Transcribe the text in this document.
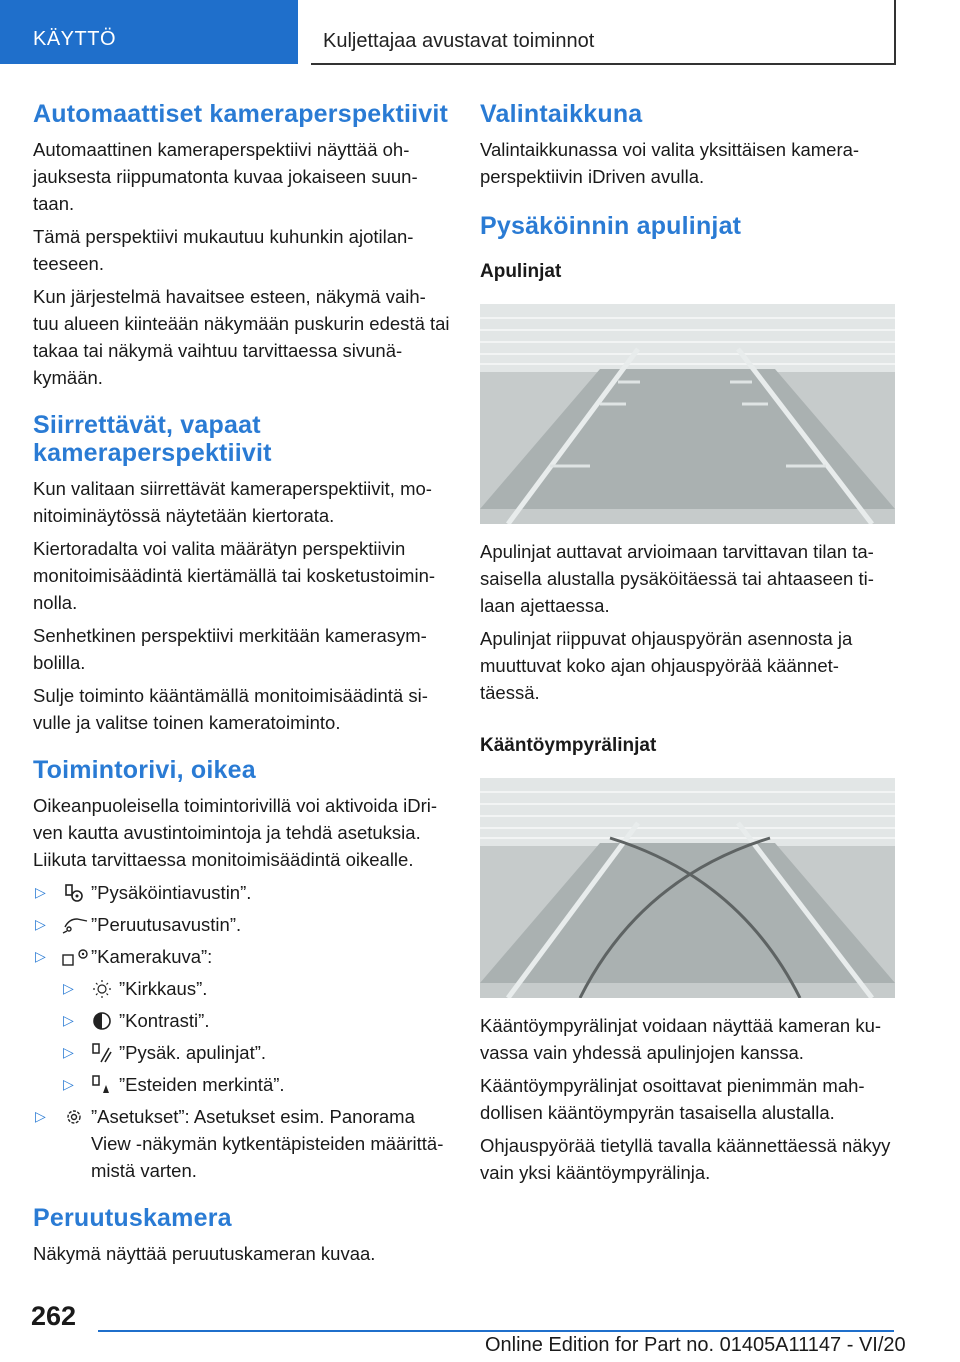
KÄYTTÖ	Kuljettajaa avustavat toiminnot
Automaattiset kameraperspektiivit

Automaattinen kameraperspektiivi näyttää oh‐ jauksesta riippumatonta kuvaa jokaiseen suun‐ taan.

Tämä perspektiivi mukautuu kuhunkin ajotilan‐ teeseen.

Kun järjestelmä havaitsee esteen, näkymä vaih‐ tuu alueen kiinteään näkymään puskurin edestä tai takaa tai näkymä vaihtuu tarvittaessa sivunä‐ kymään.

Siirrettävät, vapaat kameraperspektiivit

Kun valitaan siirrettävät kameraperspektiivit, mo‐ nitoiminäytössä näytetään kiertorata.

Kiertoradalta voi valita määrätyn perspektiivin monitoimisäädintä kiertämällä tai kosketustoimin‐ nolla.

Senhetkinen perspektiivi merkitään kamerasym‐ bolilla.

Sulje toiminto kääntämällä monitoimisäädintä si‐ vulle ja valitse toinen kameratoiminto.

Toimintorivi, oikea

Oikeanpuoleisella toimintorivillä voi aktivoida iDri‐ ven kautta avustintoimintoja ja tehdä asetuksia. Liikuta tarvittaessa monitoimisäädintä oikealle.

▷ ”Pysäköintiavustin”.
▷ ”Peruutusavustin”.
▷ ”Kamerakuva”:
▷ ”Kirkkaus”.
▷ ”Kontrasti”.
▷ ”Pysäk. apulinjat”.
▷ ”Esteiden merkintä”.
▷ ”Asetukset”: Asetukset esim. Panorama View -näkymän kytkentäpisteiden määrittä‐ mistä varten.
Peruutuskamera

Näkymä näyttää peruutuskameran kuvaa.

Valintaikkuna

Valintaikkunassa voi valita yksittäisen kamera‐ perspektiivin iDriven avulla.

Pysäköinnin apulinjat
Apulinjat

Apulinjat auttavat arvioimaan tarvittavan tilan ta‐ saisella alustalla pysäköitäessä tai ahtaaseen ti‐ laan ajettaessa.

Apulinjat riippuvat ohjauspyörän asennosta ja muuttuvat koko ajan ohjauspyörää käännet‐ täessä.

Kääntöympyrälinjat

Kääntöympyrälinjat voidaan näyttää kameran ku‐ vassa vain yhdessä apulinjojen kanssa.

Kääntöympyrälinjat osoittavat pienimmän mah‐ dollisen kääntöympyrän tasaisella alustalla.

Ohjauspyörää tietyllä tavalla käännettäessä näkyy vain yksi kääntöympyrälinja.

262
Online Edition for Part no. 01405A11147 - VI/20
